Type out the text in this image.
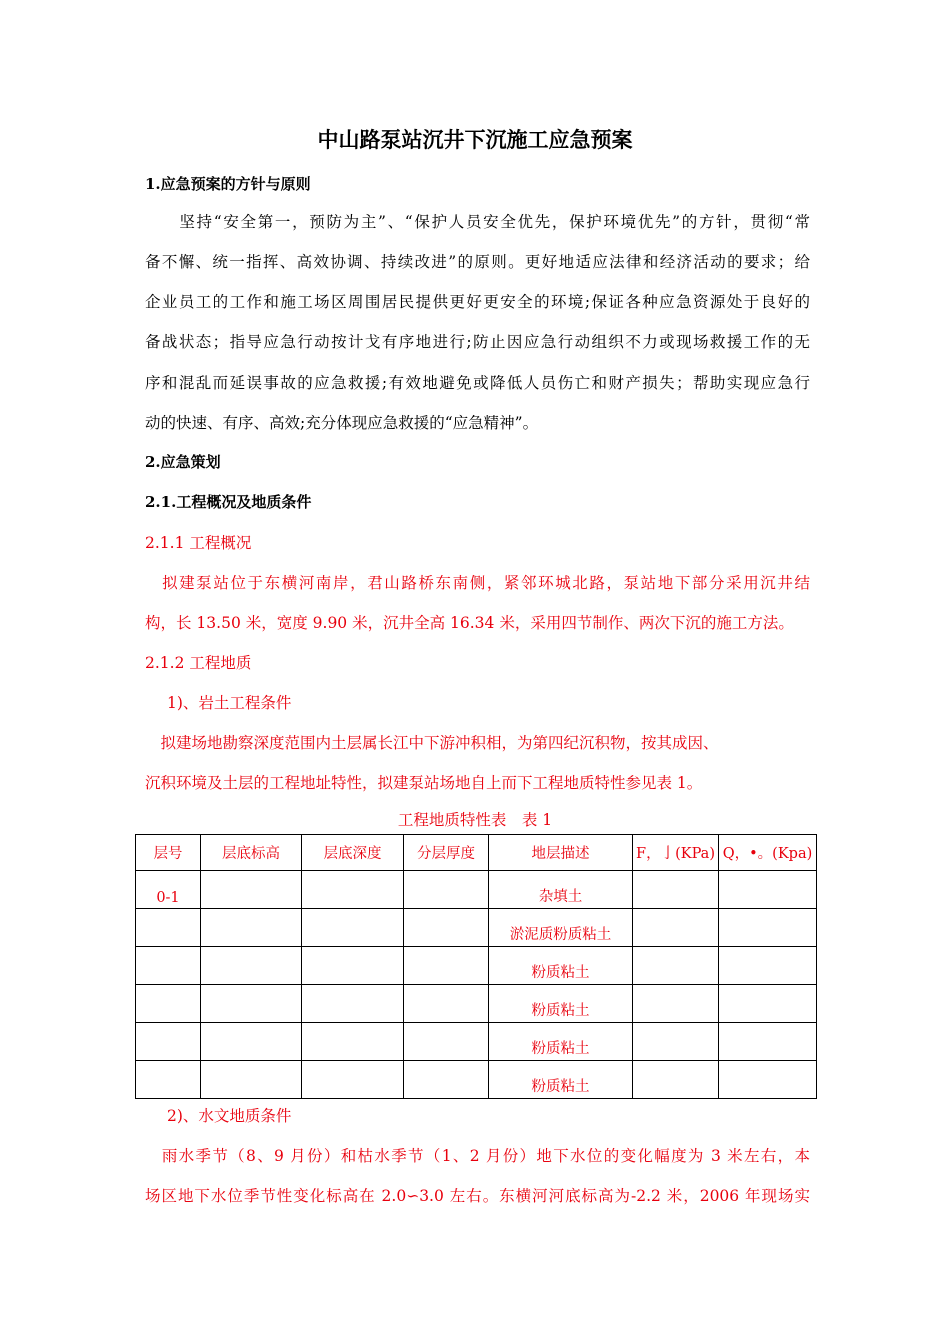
中山路泵站沉井下沉施工应急预案
1.应急预案的方针与原则
　　坚持“安全第一，预防为主”、“保护人员安全优先，保护环境优先”的方针，贯彻“常
备不懈、统一指挥、高效协调、持续改进”的原则。更好地适应法律和经济活动的要求；给
企业员工的工作和施工场区周围居民提供更好更安全的环境;保证各种应急资源处于良好的
备战状态；指导应急行动按计戈有序地进行;防止因应急行动组织不力或现场救援工作的无
序和混乱而延误事故的应急救援;有效地避免或降低人员伤亡和财产损失；帮助实现应急行
动的快速、有序、高效;充分体现应急救援的“应急精神”。
2.应急策划
2.1.工程概况及地质条件
2.1.1 工程概况
　拟建泵站位于东横河南岸，君山路桥东南侧，紧邻环城北路，泵站地下部分采用沉井结
构，长 13.50 米，宽度 9.90 米，沉井全高 16.34 米，采用四节制作、两次下沉的施工方法。
2.1.2 工程地质
1)、岩土工程条件
　拟建场地勘察深度范围内土层属长江中下游冲积相，为第四纪沉积物，按其成因、
沉积环境及土层的工程地址特性，拟建泵站场地自上而下工程地质特性参见表 1。
工程地质特性表　表 1
层号	层底标高	层底深度	分层厚度	地层描述	F，亅(KPa)	Q，•。(Kpa)
0-1				杂填土		
				淤泥质粉质粘土		
				粉质粘土		
				粉质粘土		
				粉质粘土		
				粉质粘土		
2)、水文地质条件
　雨水季节（8、9 月份）和枯水季节（1、2 月份）地下水位的变化幅度为 3 米左右，本
场区地下水位季节性变化标高在 2.0∽3.0 左右。东横河河底标高为-2.2 米，2006 年现场实
